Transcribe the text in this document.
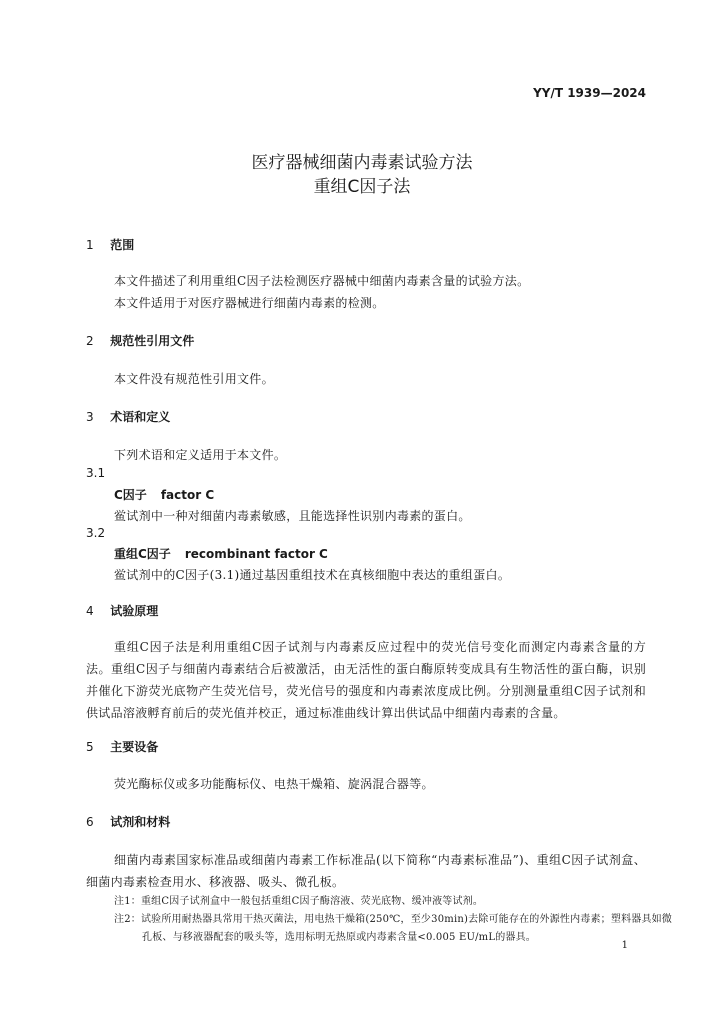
YY/T 1939—2024
医疗器械细菌内毒素试验方法
重组C因子法
1 范围
本文件描述了利用重组C因子法检测医疗器械中细菌内毒素含量的试验方法。
本文件适用于对医疗器械进行细菌内毒素的检测。
2 规范性引用文件
本文件没有规范性引用文件。
3 术语和定义
下列术语和定义适用于本文件。
3.1
C因子 factor C
鲎试剂中一种对细菌内毒素敏感，且能选择性识别内毒素的蛋白。
3.2
重组C因子 recombinant factor C
鲎试剂中的C因子(3.1)通过基因重组技术在真核细胞中表达的重组蛋白。
4 试验原理
重组C因子法是利用重组C因子试剂与内毒素反应过程中的荧光信号变化而测定内毒素含量的方法。重组C因子与细菌内毒素结合后被激活，由无活性的蛋白酶原转变成具有生物活性的蛋白酶，识别并催化下游荧光底物产生荧光信号，荧光信号的强度和内毒素浓度成比例。分别测量重组C因子试剂和供试品溶液孵育前后的荧光值并校正，通过标准曲线计算出供试品中细菌内毒素的含量。
5 主要设备
荧光酶标仪或多功能酶标仪、电热干燥箱、旋涡混合器等。
6 试剂和材料
细菌内毒素国家标准品或细菌内毒素工作标准品(以下简称“内毒素标准品”)、重组C因子试剂盒、细菌内毒素检查用水、移液器、吸头、微孔板。
注1：重组C因子试剂盒中一般包括重组C因子酶溶液、荧光底物、缓冲液等试剂。
注2：试验所用耐热器具常用干热灭菌法，用电热干燥箱(250℃，至少30min)去除可能存在的外源性内毒素；塑料器具如微孔板、与移液器配套的吸头等，选用标明无热原或内毒素含量<0.005 EU/mL的器具。
1
